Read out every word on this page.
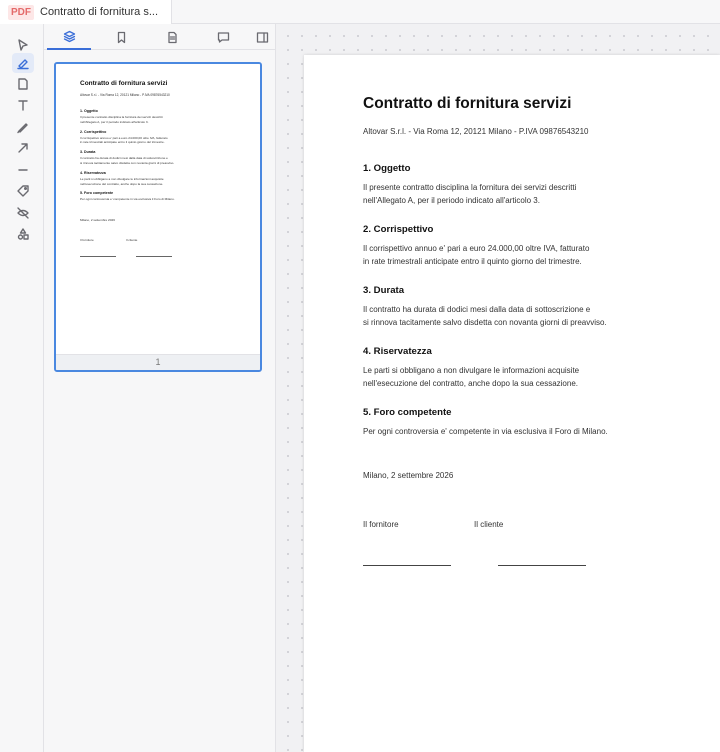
PDF Contratto di fornitura s...
Contratto di fornitura servizi
Altovar S.r.l. - Via Roma 12, 20121 Milano - P.IVA 09876543210
1. Oggetto
Il presente contratto disciplina la fornitura dei servizi descritti
nell'Allegato A, per il periodo indicato all'articolo 3.
2. Corrispettivo
Il corrispettivo annuo e' pari a euro 24.000,00 oltre IVA, fatturato
in rate trimestrali anticipate entro il quinto giorno del trimestre.
3. Durata
Il contratto ha durata di dodici mesi dalla data di sottoscrizione e
si rinnova tacitamente salvo disdetta con novanta giorni di preavviso.
4. Riservatezza
Le parti si obbligano a non divulgare le informazioni acquisite
nell'esecuzione del contratto, anche dopo la sua cessazione.
5. Foro competente
Per ogni controversia e' competente in via esclusiva il Foro di Milano.
Milano, 2 settembre 2026
Il fornitore	Il cliente
1
Contratto di fornitura servizi
Altovar S.r.l. - Via Roma 12, 20121 Milano - P.IVA 09876543210
1. Oggetto
Il presente contratto disciplina la fornitura dei servizi descritti
nell'Allegato A, per il periodo indicato all'articolo 3.
2. Corrispettivo
Il corrispettivo annuo e' pari a euro 24.000,00 oltre IVA, fatturato
in rate trimestrali anticipate entro il quinto giorno del trimestre.
3. Durata
Il contratto ha durata di dodici mesi dalla data di sottoscrizione e
si rinnova tacitamente salvo disdetta con novanta giorni di preavviso.
4. Riservatezza
Le parti si obbligano a non divulgare le informazioni acquisite
nell'esecuzione del contratto, anche dopo la sua cessazione.
5. Foro competente
Per ogni controversia e' competente in via esclusiva il Foro di Milano.
Milano, 2 settembre 2026
Il fornitore	Il cliente
